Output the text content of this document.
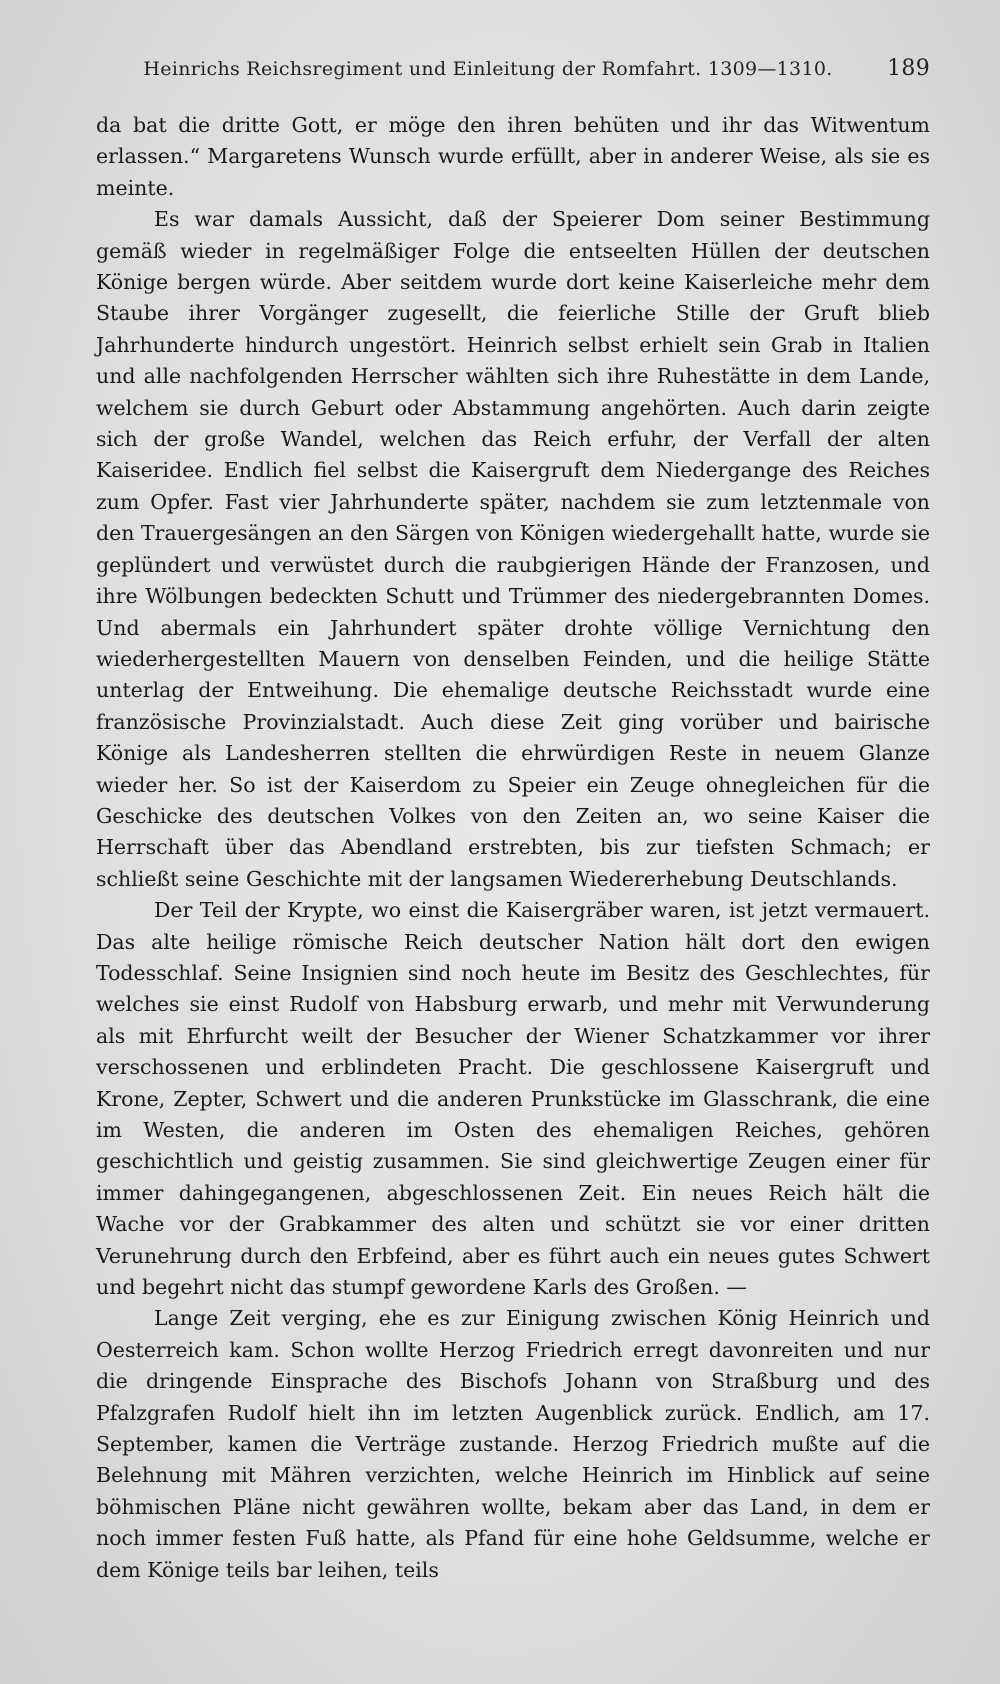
Heinrichs Reichsregiment und Einleitung der Romfahrt. 1309—1310.	189

da bat die dritte Gott, er möge den ihren behüten und ihr das Witwentum erlassen.“ Margaretens Wunsch wurde erfüllt, aber in anderer Weise, als sie es meinte.

Es war damals Aussicht, daß der Speierer Dom seiner Bestimmung gemäß wieder in regelmäßiger Folge die entseelten Hüllen der deutschen Könige bergen würde. Aber seitdem wurde dort keine Kaiserleiche mehr dem Staube ihrer Vorgänger zugesellt, die feierliche Stille der Gruft blieb Jahrhunderte hindurch ungestört. Heinrich selbst erhielt sein Grab in Italien und alle nachfolgenden Herrscher wählten sich ihre Ruhestätte in dem Lande, welchem sie durch Geburt oder Abstammung angehörten. Auch darin zeigte sich der große Wandel, welchen das Reich erfuhr, der Verfall der alten Kaiseridee. Endlich fiel selbst die Kaisergruft dem Niedergange des Reiches zum Opfer. Fast vier Jahrhunderte später, nachdem sie zum letztenmale von den Trauergesängen an den Särgen von Königen wiedergehallt hatte, wurde sie geplündert und verwüstet durch die raubgierigen Hände der Franzosen, und ihre Wölbungen bedeckten Schutt und Trümmer des niedergebrannten Domes. Und abermals ein Jahrhundert später drohte völlige Vernichtung den wiederhergestellten Mauern von denselben Feinden, und die heilige Stätte unterlag der Entweihung. Die ehemalige deutsche Reichsstadt wurde eine französische Provinzialstadt. Auch diese Zeit ging vorüber und bairische Könige als Landesherren stellten die ehrwürdigen Reste in neuem Glanze wieder her. So ist der Kaiserdom zu Speier ein Zeuge ohnegleichen für die Geschicke des deutschen Volkes von den Zeiten an, wo seine Kaiser die Herrschaft über das Abendland erstrebten, bis zur tiefsten Schmach; er schließt seine Geschichte mit der langsamen Wiedererhebung Deutschlands.

Der Teil der Krypte, wo einst die Kaisergräber waren, ist jetzt vermauert. Das alte heilige römische Reich deutscher Nation hält dort den ewigen Todesschlaf. Seine Insignien sind noch heute im Besitz des Geschlechtes, für welches sie einst Rudolf von Habsburg erwarb, und mehr mit Verwunderung als mit Ehrfurcht weilt der Besucher der Wiener Schatzkammer vor ihrer verschossenen und erblindeten Pracht. Die geschlossene Kaisergruft und Krone, Zepter, Schwert und die anderen Prunkstücke im Glasschrank, die eine im Westen, die anderen im Osten des ehemaligen Reiches, gehören geschichtlich und geistig zusammen. Sie sind gleichwertige Zeugen einer für immer dahingegangenen, abgeschlossenen Zeit. Ein neues Reich hält die Wache vor der Grabkammer des alten und schützt sie vor einer dritten Verunehrung durch den Erbfeind, aber es führt auch ein neues gutes Schwert und begehrt nicht das stumpf gewordene Karls des Großen. —

Lange Zeit verging, ehe es zur Einigung zwischen König Heinrich und Oesterreich kam. Schon wollte Herzog Friedrich erregt davonreiten und nur die dringende Einsprache des Bischofs Johann von Straßburg und des Pfalzgrafen Rudolf hielt ihn im letzten Augenblick zurück. Endlich, am 17. September, kamen die Verträge zustande. Herzog Friedrich mußte auf die Belehnung mit Mähren verzichten, welche Heinrich im Hinblick auf seine böhmischen Pläne nicht gewähren wollte, bekam aber das Land, in dem er noch immer festen Fuß hatte, als Pfand für eine hohe Geldsumme, welche er dem Könige teils bar leihen, teils
